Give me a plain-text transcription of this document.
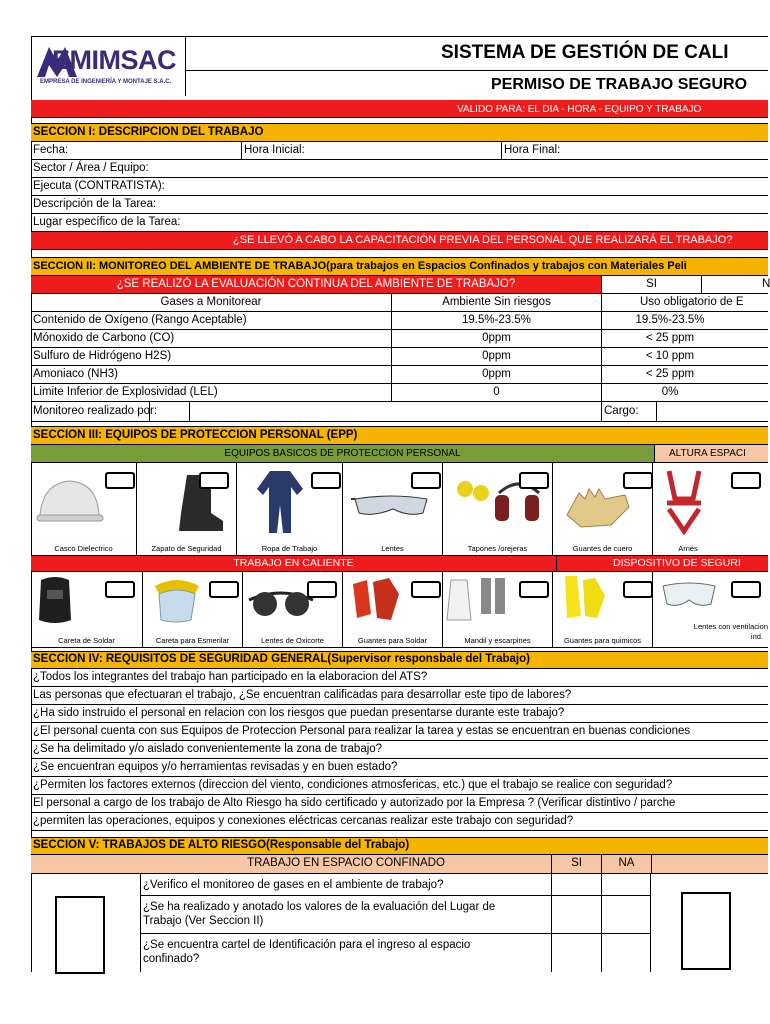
EMIMSAC
EMPRESA DE INGENIERÍA Y MONTAJE S.A.C.
SISTEMA DE GESTIÓN DE CALI
PERMISO DE TRABAJO SEGURO
VALIDO PARA: EL DIA - HORA - EQUIPO Y TRABAJO
SECCION I: DESCRIPCION DEL TRABAJO
Fecha:	Hora Inicial:	Hora Final:
Sector / Área / Equipo:
Ejecuta (CONTRATISTA):
Descripción de la Tarea:
Lugar específico de la Tarea:
¿SE LLEVÓ A CABO LA CAPACITACIÓN PREVIA DEL PERSONAL QUE REALIZARÁ EL TRABAJO?
SECCION II: MONITOREO DEL AMBIENTE DE TRABAJO (para trabajos en Espacios Confinados y trabajos con Materiales Peli
¿SE REALIZÓ LA EVALUACIÓN CONTINUA DEL AMBIENTE DE TRABAJO?	SI	N
Gases a Monitorear	Ambiente Sin riesgos	Uso obligatorio de E
Contenido de Oxígeno (Rango Aceptable)	19.5%-23.5%	19.5%-23.5%
Mónoxido de Carbono (CO)	0ppm	< 25 ppm
Sulfuro de Hidrógeno H2S)	0ppm	< 10 ppm
Amoniaco (NH3)	0ppm	< 25 ppm
Limite Inferior de Explosividad (LEL)	0	0%
Monitoreo realizado por:	Cargo:
SECCION III: EQUIPOS DE PROTECCION PERSONAL (EPP)
EQUIPOS BASICOS DE PROTECCION PERSONAL	ALTURA ESPACI
Casco Dielectrico	Zapato de Seguridad	Ropa de Trabajo	Lentes	Tapones /orejeras	Guantes de cuero	Arnés
TRABAJO EN CALIENTE	DISPOSITIVO DE SEGURI
Careta de Soldar	Careta para Esmerilar	Lentes de Oxicorte	Guantes para Soldar	Mandil y escarpines	Guantes para quimicos
Lentes con ventilacion
ind.
SECCION IV: REQUISITOS DE SEGURIDAD GENERAL (Supervisor responsbale del Trabajo)
¿Todos los integrantes del trabajo han participado en la elaboracion del ATS?
Las personas que efectuaran el trabajo, ¿Se encuentran calificadas para desarrollar este tipo de labores?
¿Ha sido instruido el personal en relacion con los riesgos que puedan presentarse durante este trabajo?
¿El personal cuenta con sus Equipos de Proteccion Personal para realizar la tarea y estas se encuentran en buenas condiciones
¿Se ha delimitado y/o aislado convenientemente la zona de trabajo?
¿Se encuentran equipos y/o herramientas revisadas y en buen estado?
¿Permiten los factores externos (direccion del viento, condiciones atmosfericas, etc.) que el trabajo se realice con seguridad?
El personal a cargo de los trabajo de Alto Riesgo ha sido certificado y autorizado por la Empresa ? (Verificar distintivo / parche
¿permiten las operaciones, equipos y conexiones eléctricas cercanas realizar este trabajo con seguridad?
SECCION V: TRABAJOS DE ALTO RIESGO (Responsable del Trabajo)
TRABAJO EN ESPACIO CONFINADO	SI	NA
¿Verifico el monitoreo de gases en el ambiente de trabajo?
¿Se ha realizado y anotado los valores de la evaluación del Lugar de
Trabajo (Ver Seccion II)
¿Se encuentra cartel de Identificación para el ingreso al espacio
confinado?
